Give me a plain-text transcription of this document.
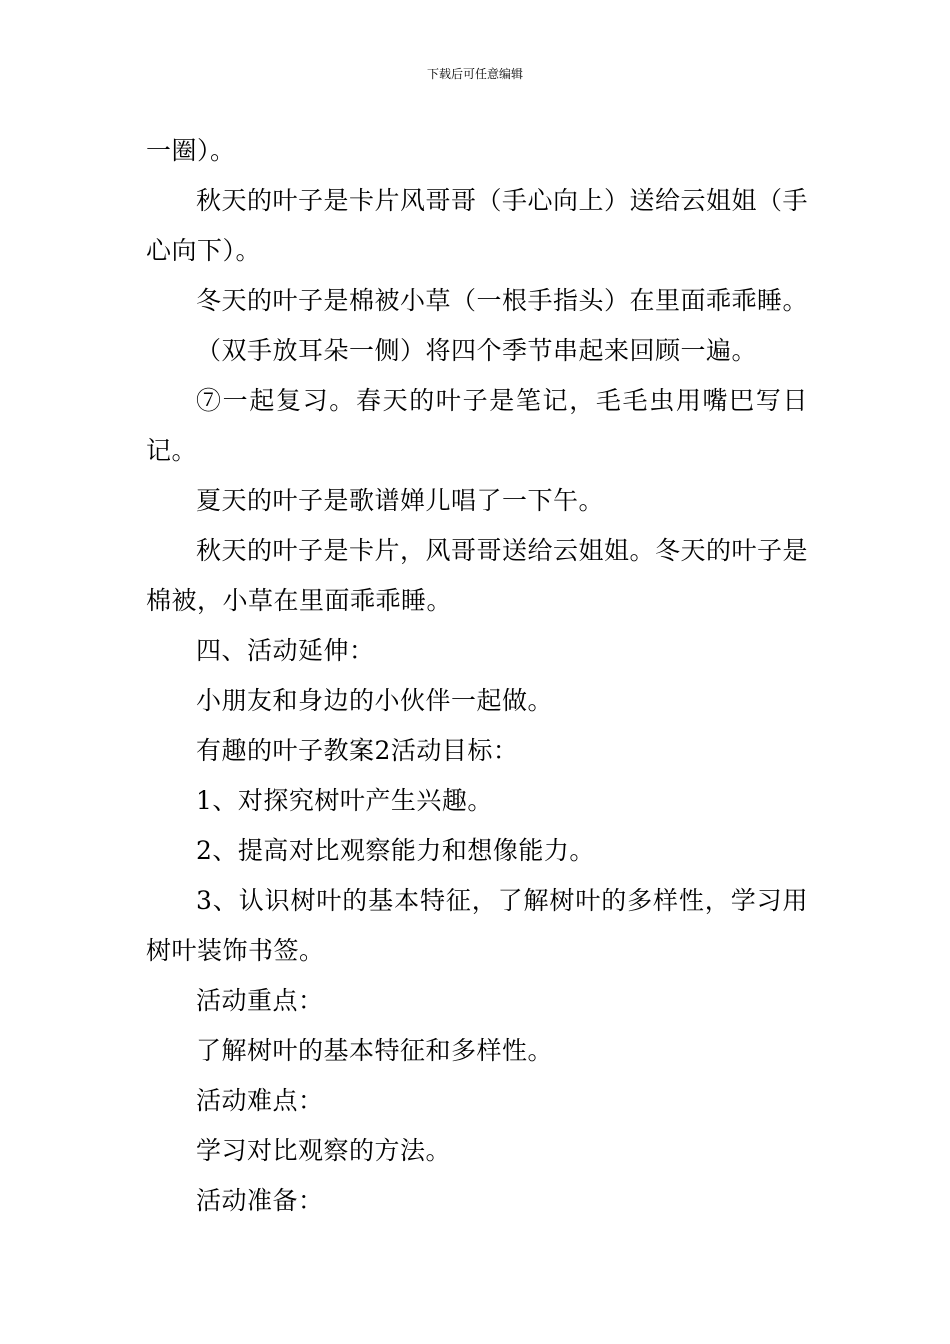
下载后可任意编辑

一圈）。

秋天的叶子是卡片风哥哥（手心向上）送给云姐姐（手心向下）。

冬天的叶子是棉被小草（一根手指头）在里面乖乖睡。

（双手放耳朵一侧）将四个季节串起来回顾一遍。

⑦一起复习。春天的叶子是笔记，毛毛虫用嘴巴写日记。

夏天的叶子是歌谱婵儿唱了一下午。

秋天的叶子是卡片，风哥哥送给云姐姐。冬天的叶子是棉被，小草在里面乖乖睡。

四、活动延伸：

小朋友和身边的小伙伴一起做。

有趣的叶子教案2活动目标：

1、对探究树叶产生兴趣。

2、提高对比观察能力和想像能力。

3、认识树叶的基本特征，了解树叶的多样性，学习用树叶装饰书签。

活动重点：

了解树叶的基本特征和多样性。

活动难点：

学习对比观察的方法。

活动准备：
